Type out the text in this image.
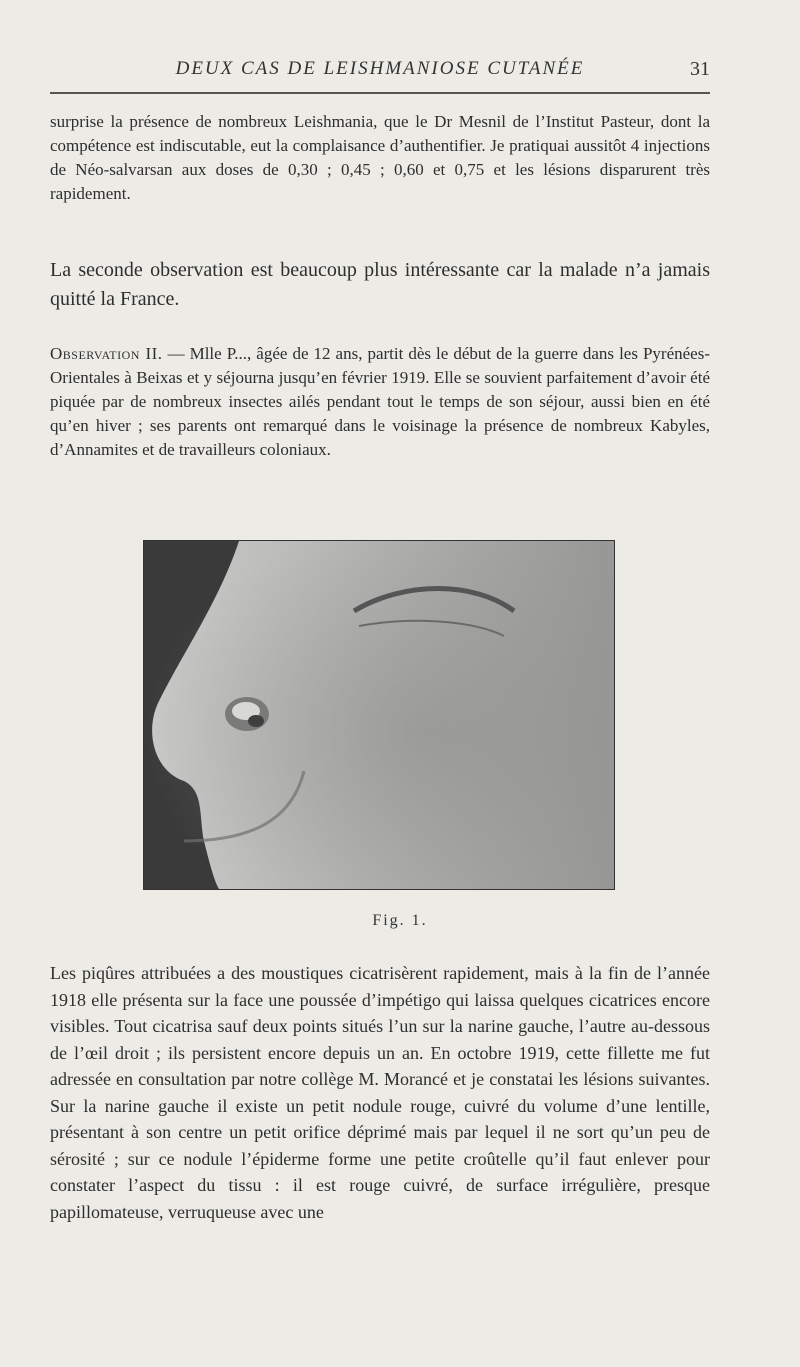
DEUX CAS DE LEISHMANIOSE CUTANÉE	31

surprise la présence de nombreux Leishmania, que le Dr Mesnil de l’Institut Pasteur, dont la compétence est indiscutable, eut la complaisance d’authentifier. Je pratiquai aussitôt 4 injections de Néo-salvarsan aux doses de 0,30 ; 0,45 ; 0,60 et 0,75 et les lésions disparurent très rapidement.

La seconde observation est beaucoup plus intéressante car la malade n’a jamais quitté la France.

Observation II. — Mlle P..., âgée de 12 ans, partit dès le début de la guerre dans les Pyrénées-Orientales à Beixas et y séjourna jusqu’en février 1919. Elle se souvient parfaitement d’avoir été piquée par de nombreux insectes ailés pendant tout le temps de son séjour, aussi bien en été qu’en hiver ; ses parents ont remarqué dans le voisinage la présence de nombreux Kabyles, d’Annamites et de travailleurs coloniaux.

Fig. 1.

Les piqûres attribuées a des moustiques cicatrisèrent rapidement, mais à la fin de l’année 1918 elle présenta sur la face une poussée d’impétigo qui laissa quelques cicatrices encore visibles. Tout cicatrisa sauf deux points situés l’un sur la narine gauche, l’autre au-dessous de l’œil droit ; ils persistent encore depuis un an. En octobre 1919, cette fillette me fut adressée en consultation par notre collège M. Morancé et je constatai les lésions suivantes. Sur la narine gauche il existe un petit nodule rouge, cuivré du volume d’une lentille, présentant à son centre un petit orifice déprimé mais par lequel il ne sort qu’un peu de sérosité ; sur ce nodule l’épiderme forme une petite croûtelle qu’il faut enlever pour constater l’aspect du tissu : il est rouge cuivré, de surface irrégulière, presque papillomateuse, verruqueuse avec une
